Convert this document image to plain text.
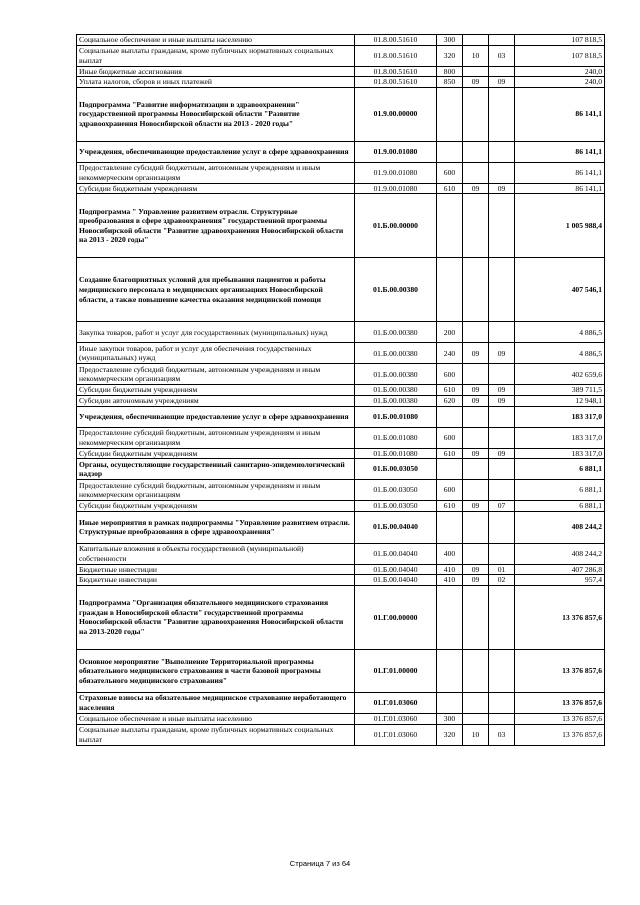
Социальное обеспечение и иные выплаты населению	01.8.00.51610	300			107 818,5
Социальные выплаты гражданам, кроме публичных нормативных социальных выплат	01.8.00.51610	320	10	03	107 818,5
Иные бюджетные ассигнования	01.8.00.51610	800			240,0
Уплата налогов, сборов и иных платежей	01.8.00.51610	850	09	09	240,0
Подпрограмма "Развитие информатизации в здравоохранении" государственной программы Новосибирской области "Развитие здравоохранения Новосибирской области на 2013 - 2020 годы"	01.9.00.00000				86 141,1
Учреждения, обеспечивающие предоставление услуг в сфере здравоохранения	01.9.00.01080				86 141,1
Предоставление субсидий бюджетным, автономным учреждениям и иным некоммерческим организациям	01.9.00.01080	600			86 141,1
Субсидии бюджетным учреждениям	01.9.00.01080	610	09	09	86 141,1
Подпрограмма " Управление развитием отрасли. Структурные преобразования в сфере здравоохранения" государственной программы Новосибирской области "Развитие здравоохранения Новосибирской области на 2013 - 2020 годы"	01.Б.00.00000				1 005 988,4
Создание благоприятных условий для пребывания пациентов и работы медицинского персонала в медицинских организациях Новосибирской области, а также повышение качества оказания медицинской помощи	01.Б.00.00380				407 546,1
Закупка товаров, работ и услуг для государственных (муниципальных) нужд	01.Б.00.00380	200			4 886,5
Иные закупки товаров, работ и услуг для обеспечения государственных (муниципальных) нужд	01.Б.00.00380	240	09	09	4 886,5
Предоставление субсидий бюджетным, автономным учреждениям и иным некоммерческим организациям	01.Б.00.00380	600			402 659,6
Субсидии бюджетным учреждениям	01.Б.00.00380	610	09	09	389 711,5
Субсидии автономным учреждениям	01.Б.00.00380	620	09	09	12 948,1
Учреждения, обеспечивающие предоставление услуг в сфере здравоохранения	01.Б.00.01080				183 317,0
Предоставление субсидий бюджетным, автономным учреждениям и иным некоммерческим организациям	01.Б.00.01080	600			183 317,0
Субсидии бюджетным учреждениям	01.Б.00.01080	610	09	09	183 317,0
Органы, осуществляющие государственный санитарно-эпидемиологический надзор	01.Б.00.03050				6 881,1
Предоставление субсидий бюджетным, автономным учреждениям и иным некоммерческим организациям	01.Б.00.03050	600			6 881,1
Субсидии бюджетным учреждениям	01.Б.00.03050	610	09	07	6 881,1
Иные мероприятия в рамках подпрограммы "Управление развитием отрасли. Структурные преобразования в сфере здравоохранения"	01.Б.00.04040				408 244,2
Капитальные вложения в объекты государственной (муниципальной) собственности	01.Б.00.04040	400			408 244,2
Бюджетные инвестиции	01.Б.00.04040	410	09	01	407 286,8
Бюджетные инвестиции	01.Б.00.04040	410	09	02	957,4
Подпрограмма "Организация обязательного медицинского страхования граждан в Новосибирской области" государственной программы Новосибирской области "Развитие здравоохранения Новосибирской области на 2013-2020 годы"	01.Г.00.00000				13 376 857,6
Основное мероприятие "Выполнение Территориальной программы обязательного медицинского страхования в части базовой программы обязательного медицинского страхования"	01.Г.01.00000				13 376 857,6
Страховые взносы на обязательное медицинское страхование неработающего населения	01.Г.01.03060				13 376 857,6
Социальное обеспечение и иные выплаты населению	01.Г.01.03060	300			13 376 857,6
Социальные выплаты гражданам, кроме публичных нормативных социальных выплат	01.Г.01.03060	320	10	03	13 376 857,6
Страница 7 из 64
